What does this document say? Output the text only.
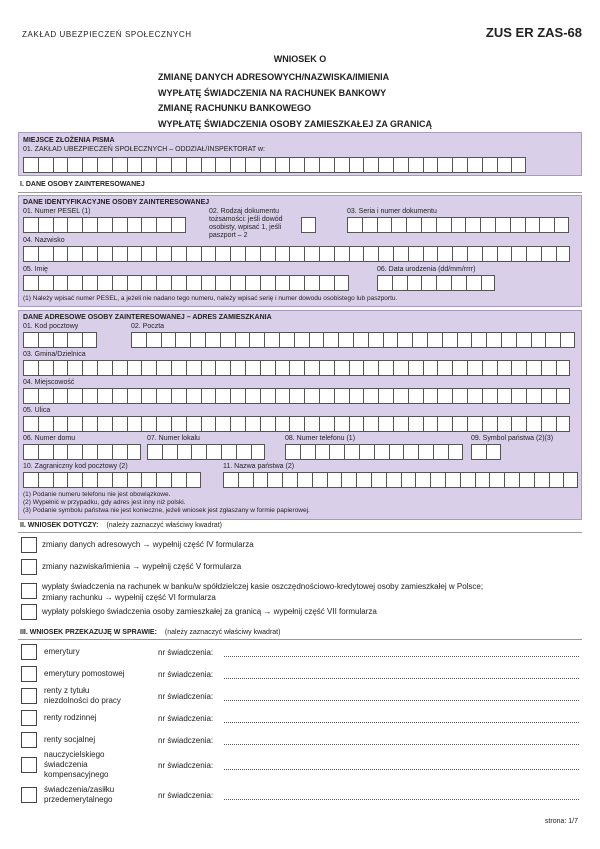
ZAKŁAD UBEZPIECZEŃ SPOŁECZNYCH	ZUS ER ZAS-68
WNIOSEK O
ZMIANĘ DANYCH ADRESOWYCH/NAZWISKA/IMIENIA
WYPŁATĘ ŚWIADCZENIA NA RACHUNEK BANKOWY
ZMIANĘ RACHUNKU BANKOWEGO
WYPŁATĘ ŚWIADCZENIA OSOBY ZAMIESZKAŁEJ ZA GRANICĄ
MIEJSCE ZŁOŻENIA PISMA
01. ZAKŁAD UBEZPIECZEŃ SPOŁECZNYCH – ODDZIAŁ/INSPEKTORAT w:
I. DANE OSOBY ZAINTERESOWANEJ
DANE IDENTYFIKACYJNE OSOBY ZAINTERESOWANEJ
01. Numer PESEL (1)	02. Rodzaj dokumentu
tożsamości: jeśli dowód
osobisty, wpisać 1, jeśli
paszport – 2
03. Seria i numer dokumentu
04. Nazwisko
05. Imię	06. Data urodzenia (dd/mm/rrrr)
(1) Należy wpisać numer PESEL, a jeżeli nie nadano tego numeru, należy wpisać serię i numer dowodu osobistego lub paszportu.
DANE ADRESOWE OSOBY ZAINTERESOWANEJ – ADRES ZAMIESZKANIA
01. Kod pocztowy	02. Poczta
03. Gmina/Dzielnica
04. Miejscowość
05. Ulica
06. Numer domu	07. Numer lokalu	08. Numer telefonu (1)	09. Symbol państwa (2)(3)
10. Zagraniczny kod pocztowy (2)	11. Nazwa państwa (2)
(1) Podanie numeru telefonu nie jest obowiązkowe.
(2) Wypełnić w przypadku, gdy adres jest inny niż polski.
(3) Podanie symbolu państwa nie jest konieczne, jeżeli wniosek jest zgłaszany w formie papierowej.
II. WNIOSEK DOTYCZY: (należy zaznaczyć właściwy kwadrat)
zmiany danych adresowych → wypełnij część IV formularza
zmiany nazwiska/imienia → wypełnij część V formularza
wypłaty świadczenia na rachunek w banku/w spółdzielczej kasie oszczędnościowo-kredytowej osoby zamieszkałej w Polsce;
zmiany rachunku → wypełnij część VI formularza
wypłaty polskiego świadczenia osoby zamieszkałej za granicą → wypełnij część VII formularza
III. WNIOSEK PRZEKAZUJĘ W SPRAWIE: (należy zaznaczyć właściwy kwadrat)
emerytury	nr świadczenia:
emerytury pomostowej	nr świadczenia:
renty z tytułu
niezdolności do pracy	nr świadczenia:
renty rodzinnej	nr świadczenia:
renty socjalnej	nr świadczenia:
nauczycielskiego
świadczenia
kompensacyjnego
nr świadczenia:
świadczenia/zasiłku
przedemerytalnego	nr świadczenia:
strona: 1/7
